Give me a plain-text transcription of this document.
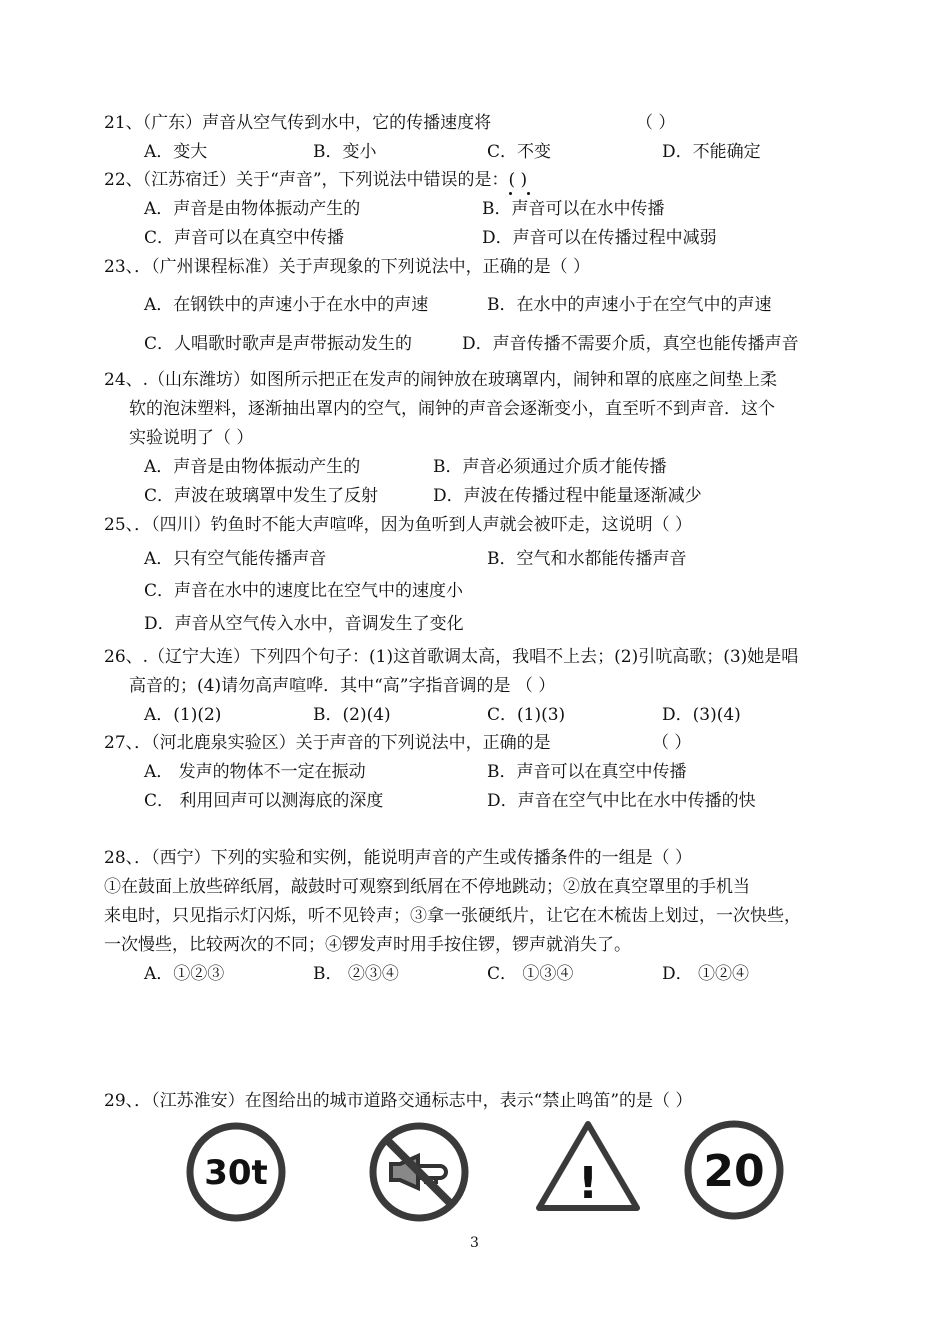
21、（广东）声音从空气传到水中，它的传播速度将	（ ）
A．变大	B．变小	C．不变	D．不能确定
22、（江苏宿迁）关于“声音”，下列说法中错误的是：( )
A．声音是由物体振动产生的	B．声音可以在水中传播
C．声音可以在真空中传播	D．声音可以在传播过程中减弱
23、．（广州课程标准）关于声现象的下列说法中，正确的是（ ）
A．在钢铁中的声速小于在水中的声速	B．在水中的声速小于在空气中的声速
C．人唱歌时歌声是声带振动发生的	D．声音传播不需要介质，真空也能传播声音
24、.（山东潍坊）如图所示把正在发声的闹钟放在玻璃罩内，闹钟和罩的底座之间垫上柔
软的泡沫塑料，逐渐抽出罩内的空气，闹钟的声音会逐渐变小，直至听不到声音．这个
实验说明了（ ）
A．声音是由物体振动产生的	B．声音必须通过介质才能传播
C．声波在玻璃罩中发生了反射	D．声波在传播过程中能量逐渐减少
25、．（四川）钓鱼时不能大声喧哗，因为鱼听到人声就会被吓走，这说明（ ）
A．只有空气能传播声音	B．空气和水都能传播声音
C．声音在水中的速度比在空气中的速度小
D．声音从空气传入水中，音调发生了变化
26、.（辽宁大连）下列四个句子：(1)这首歌调太高，我唱不上去；(2)引吭高歌；(3)她是唱
高音的；(4)请勿高声喧哗．其中“高”字指音调的是 （ ）
A．(1)(2)	B．(2)(4)	C．(1)(3)	D．(3)(4)
27、．（河北鹿泉实验区）关于声音的下列说法中，正确的是	（ ）
A． 发声的物体不一定在振动	B．声音可以在真空中传播
C． 利用回声可以测海底的深度	D．声音在空气中比在水中传播的快
28、．（西宁）下列的实验和实例，能说明声音的产生或传播条件的一组是（ ）
①在鼓面上放些碎纸屑，敲鼓时可观察到纸屑在不停地跳动；②放在真空罩里的手机当
来电时，只见指示灯闪烁，听不见铃声；③拿一张硬纸片，让它在木梳齿上划过，一次快些，
一次慢些，比较两次的不同；④锣发声时用手按住锣，锣声就消失了。
A．①②③	B． ②③④	C． ①③④	D． ①②④
29、．（江苏淮安）在图给出的城市道路交通标志中，表示“禁止鸣笛”的是（ ）
30t	! 20
3
